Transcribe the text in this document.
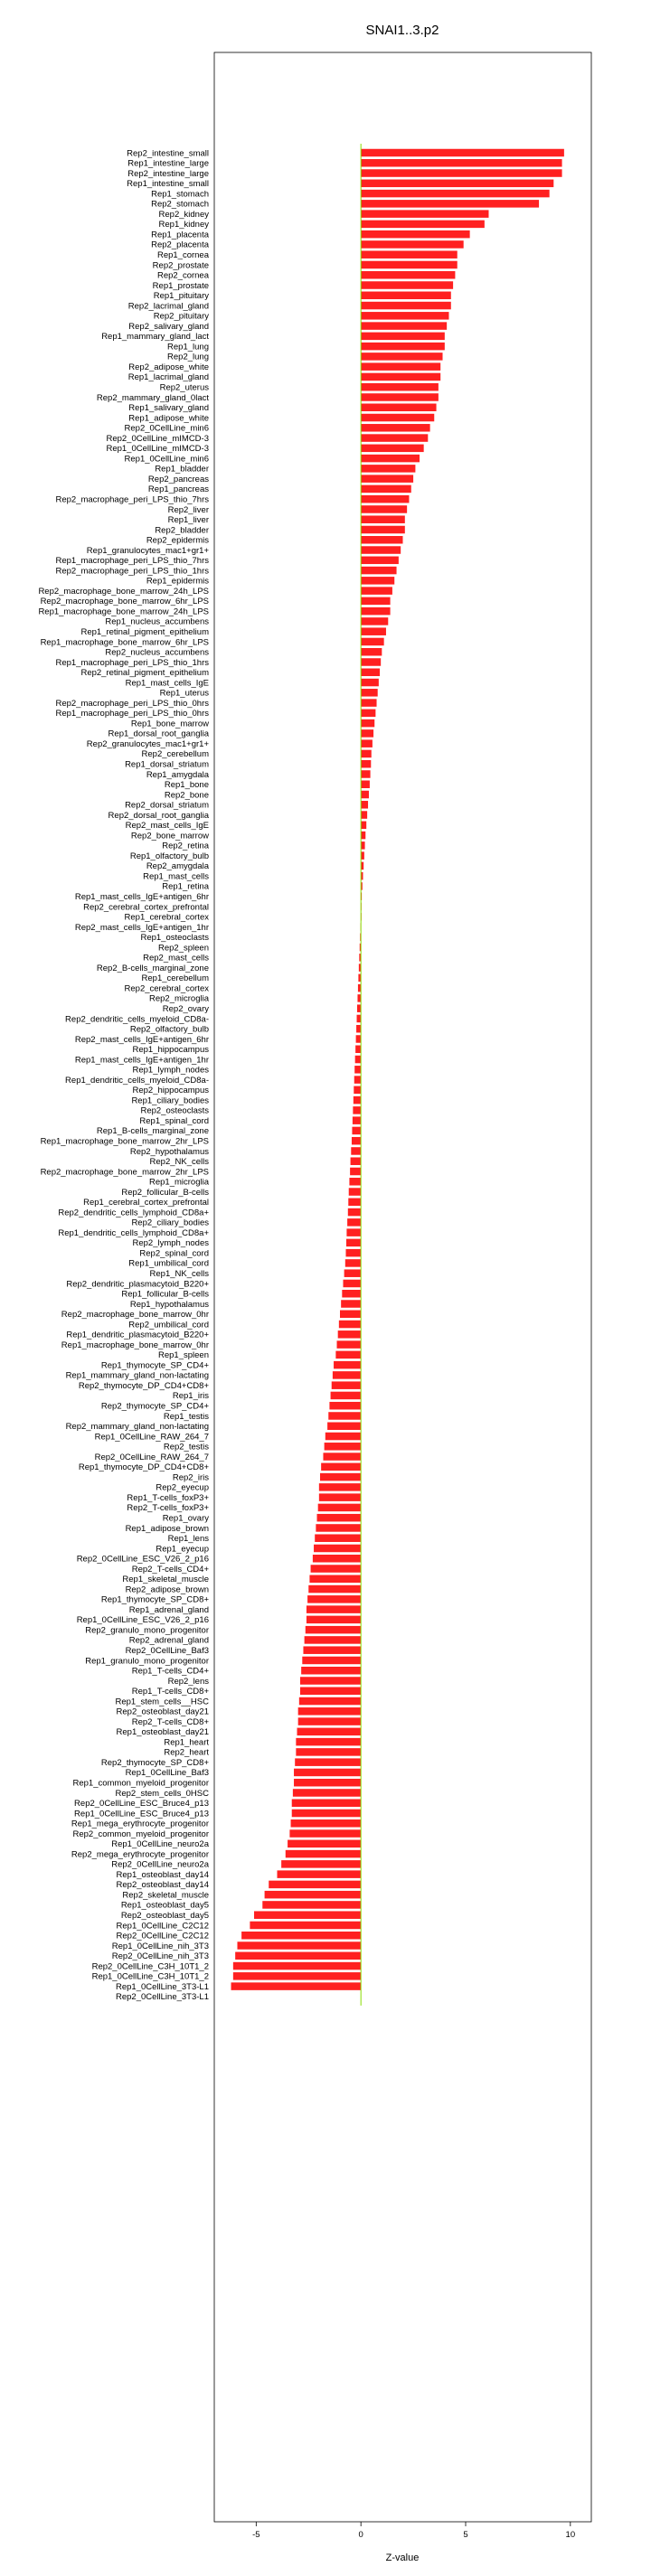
SNAI1..3.p2
Rep2_intestine_small
Rep1_intestine_large
Rep2_intestine_large
Rep1_intestine_small
Rep1_stomach
Rep2_stomach
Rep2_kidney
Rep1_kidney
Rep1_placenta
Rep2_placenta
Rep1_cornea
Rep2_prostate
Rep2_cornea
Rep1_prostate
Rep1_pituitary
Rep2_lacrimal_gland
Rep2_pituitary
Rep2_salivary_gland
Rep1_mammary_gland_lact
Rep1_lung
Rep2_lung
Rep2_adipose_white
Rep1_lacrimal_gland
Rep2_uterus
Rep2_mammary_gland_0lact
Rep1_salivary_gland
Rep1_adipose_white
Rep2_0CellLine_min6
Rep2_0CellLine_mIMCD-3
Rep1_0CellLine_mIMCD-3
Rep1_0CellLine_min6
Rep1_bladder
Rep2_pancreas
Rep1_pancreas
Rep2_macrophage_peri_LPS_thio_7hrs
Rep2_liver
Rep1_liver
Rep2_bladder
Rep2_epidermis
Rep1_granulocytes_mac1+gr1+
Rep1_macrophage_peri_LPS_thio_7hrs
Rep2_macrophage_peri_LPS_thio_1hrs
Rep1_epidermis
Rep2_macrophage_bone_marrow_24h_LPS
Rep2_macrophage_bone_marrow_6hr_LPS
Rep1_macrophage_bone_marrow_24h_LPS
Rep1_nucleus_accumbens
Rep1_retinal_pigment_epithelium
Rep1_macrophage_bone_marrow_6hr_LPS
Rep2_nucleus_accumbens
Rep1_macrophage_peri_LPS_thio_1hrs
Rep2_retinal_pigment_epithelium
Rep1_mast_cells_IgE
Rep1_uterus
Rep2_macrophage_peri_LPS_thio_0hrs
Rep1_macrophage_peri_LPS_thio_0hrs
Rep1_bone_marrow
Rep1_dorsal_root_ganglia
Rep2_granulocytes_mac1+gr1+
Rep2_cerebellum
Rep1_dorsal_striatum
Rep1_amygdala
Rep1_bone
Rep2_bone
Rep2_dorsal_striatum
Rep2_dorsal_root_ganglia
Rep2_mast_cells_IgE
Rep2_bone_marrow
Rep2_retina
Rep1_olfactory_bulb
Rep2_amygdala
Rep1_mast_cells
Rep1_retina
Rep1_mast_cells_IgE+antigen_6hr
Rep2_cerebral_cortex_prefrontal
Rep1_cerebral_cortex
Rep2_mast_cells_IgE+antigen_1hr
Rep1_osteoclasts
Rep2_spleen
Rep2_mast_cells
Rep2_B-cells_marginal_zone
Rep1_cerebellum
Rep2_cerebral_cortex
Rep2_microglia
Rep2_ovary
Rep2_dendritic_cells_myeloid_CD8a-
Rep2_olfactory_bulb
Rep2_mast_cells_IgE+antigen_6hr
Rep1_hippocampus
Rep1_mast_cells_IgE+antigen_1hr
Rep1_lymph_nodes
Rep1_dendritic_cells_myeloid_CD8a-
Rep2_hippocampus
Rep1_ciliary_bodies
Rep2_osteoclasts
Rep1_spinal_cord
Rep1_B-cells_marginal_zone
Rep1_macrophage_bone_marrow_2hr_LPS
Rep2_hypothalamus
Rep2_NK_cells
Rep2_macrophage_bone_marrow_2hr_LPS
Rep1_microglia
Rep2_follicular_B-cells
Rep1_cerebral_cortex_prefrontal
Rep2_dendritic_cells_lymphoid_CD8a+
Rep2_ciliary_bodies
Rep1_dendritic_cells_lymphoid_CD8a+
Rep2_lymph_nodes
Rep2_spinal_cord
Rep1_umbilical_cord
Rep1_NK_cells
Rep2_dendritic_plasmacytoid_B220+
Rep1_follicular_B-cells
Rep1_hypothalamus
Rep2_macrophage_bone_marrow_0hr
Rep2_umbilical_cord
Rep1_dendritic_plasmacytoid_B220+
Rep1_macrophage_bone_marrow_0hr
Rep1_spleen
Rep1_thymocyte_SP_CD4+
Rep1_mammary_gland_non-lactating
Rep2_thymocyte_DP_CD4+CD8+
Rep1_iris
Rep2_thymocyte_SP_CD4+
Rep1_testis
Rep2_mammary_gland_non-lactating
Rep1_0CellLine_RAW_264_7
Rep2_testis
Rep2_0CellLine_RAW_264_7
Rep1_thymocyte_DP_CD4+CD8+
Rep2_iris
Rep2_eyecup
Rep1_T-cells_foxP3+
Rep2_T-cells_foxP3+
Rep1_ovary
Rep1_adipose_brown
Rep1_lens
Rep1_eyecup
Rep2_0CellLine_ESC_V26_2_p16
Rep2_T-cells_CD4+
Rep1_skeletal_muscle
Rep2_adipose_brown
Rep1_thymocyte_SP_CD8+
Rep1_adrenal_gland
Rep1_0CellLine_ESC_V26_2_p16
Rep2_granulo_mono_progenitor
Rep2_adrenal_gland
Rep2_0CellLine_Baf3
Rep1_granulo_mono_progenitor
Rep1_T-cells_CD4+
Rep2_lens
Rep1_T-cells_CD8+
Rep1_stem_cells__HSC
Rep2_osteoblast_day21
Rep2_T-cells_CD8+
Rep1_osteoblast_day21
Rep1_heart
Rep2_heart
Rep2_thymocyte_SP_CD8+
Rep1_0CellLine_Baf3
Rep1_common_myeloid_progenitor
Rep2_stem_cells_0HSC
Rep2_0CellLine_ESC_Bruce4_p13
Rep1_0CellLine_ESC_Bruce4_p13
Rep1_mega_erythrocyte_progenitor
Rep2_common_myeloid_progenitor
Rep1_0CellLine_neuro2a
Rep2_mega_erythrocyte_progenitor
Rep2_0CellLine_neuro2a
Rep1_osteoblast_day14
Rep2_osteoblast_day14
Rep2_skeletal_muscle
Rep1_osteoblast_day5
Rep2_osteoblast_day5
Rep1_0CellLine_C2C12
Rep2_0CellLine_C2C12
Rep1_0CellLine_nih_3T3
Rep2_0CellLine_nih_3T3
Rep2_0CellLine_C3H_10T1_2
Rep1_0CellLine_C3H_10T1_2
Rep1_0CellLine_3T3-L1
Rep2_0CellLine_3T3-L1
-5	0	5	10
Z-value
